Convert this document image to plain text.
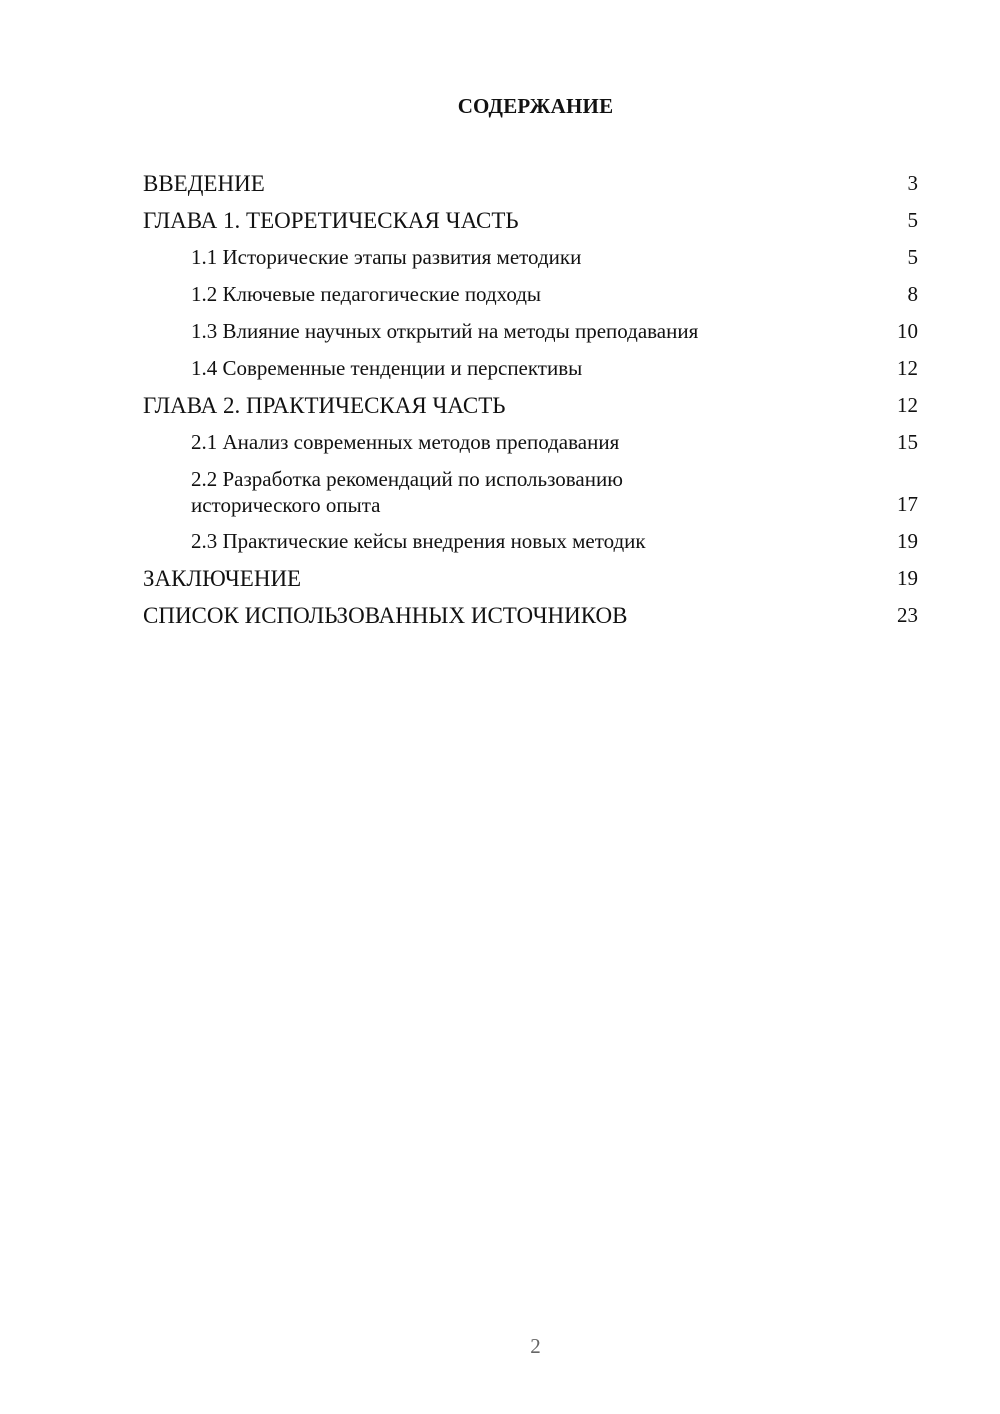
СОДЕРЖАНИЕ
ВВЕДЕНИЕ	3
ГЛАВА 1. ТЕОРЕТИЧЕСКАЯ ЧАСТЬ	5
1.1 Исторические этапы развития методики	5
1.2 Ключевые педагогические подходы	8
1.3 Влияние научных открытий на методы преподавания	10
1.4 Современные тенденции и перспективы	12
ГЛАВА 2. ПРАКТИЧЕСКАЯ ЧАСТЬ	12
2.1 Анализ современных методов преподавания	15
2.2 Разработка рекомендаций по использованию исторического опыта	17
2.3 Практические кейсы внедрения новых методик	19
ЗАКЛЮЧЕНИЕ	19
СПИСОК ИСПОЛЬЗОВАННЫХ ИСТОЧНИКОВ	23
2
